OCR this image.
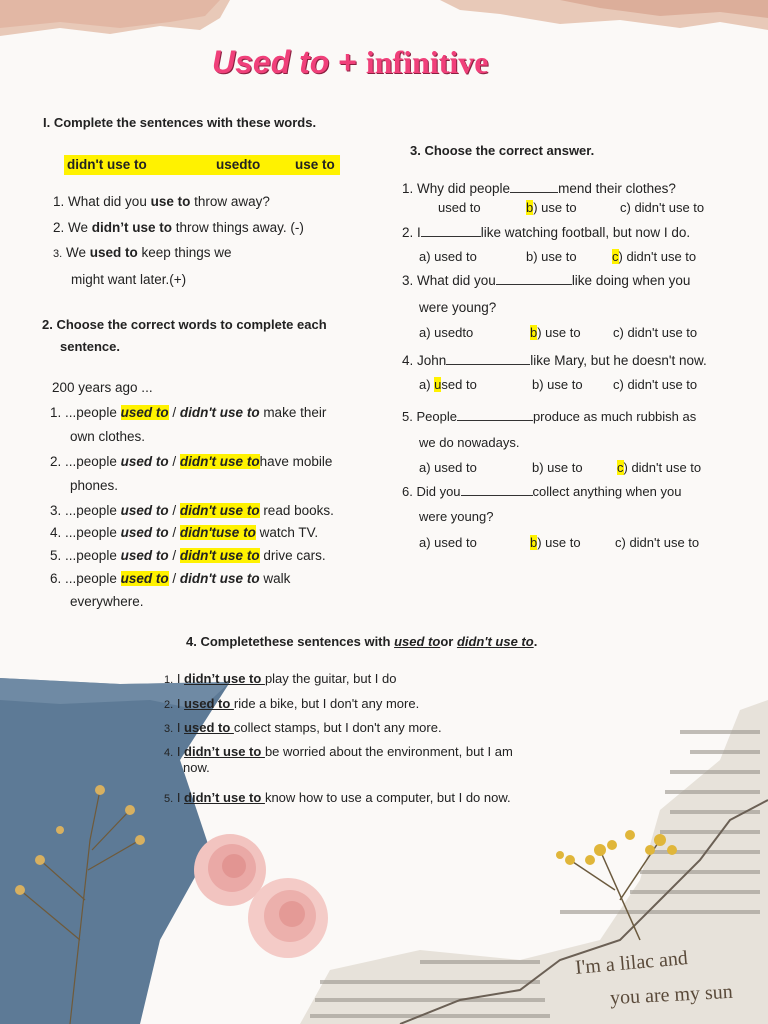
Used to + infinitive
I. Complete the sentences with these words.
didn't use to	usedto	use to
1. What did you use to throw away?
2. We didn’t use to throw things away. (-)
3. We used to keep things we
might want later.(+)
2. Choose the correct words to complete each
sentence.
200 years ago ...
1. ...people used to / didn't use to make their
own clothes.
2. ...people used to / didn't use tohave mobile
phones.
3. ...people used to / didn't use to read books.
4. ...people used to / didn'tuse to watch TV.
5. ...people used to / didn't use to drive cars.
6. ...people used to / didn't use to walk
everywhere.
3. Choose the correct answer.
1. Why did people	mend their clothes?
used to	b) use to	c) didn't use to
2. I	like watching football, but now I do.
a) used to	b) use to	c) didn't use to
3. What did you	like doing when you
were young?
a) usedto	b) use to c) didn't use to
4. John	like Mary, but he doesn't now.
a) used to	b) use to c) didn't use to
5. People	produce as much rubbish as
we do nowadays.
a) used to	b) use to	c) didn't use to
6. Did you	collect anything when you
were young?
a) used to	b) use to	c) didn't use to
I'm a lilac and
you are my sun
4. Completethese sentences with used toor didn't use to.
1. I didn’t use to play the guitar, but I do
2. I used to ride a bike, but I don't any more.
3. I used to collect stamps, but I don't any more.
4. I didn’t use to be worried about the environment, but I am
now.
5. I didn’t use to know how to use a computer, but I do now.
